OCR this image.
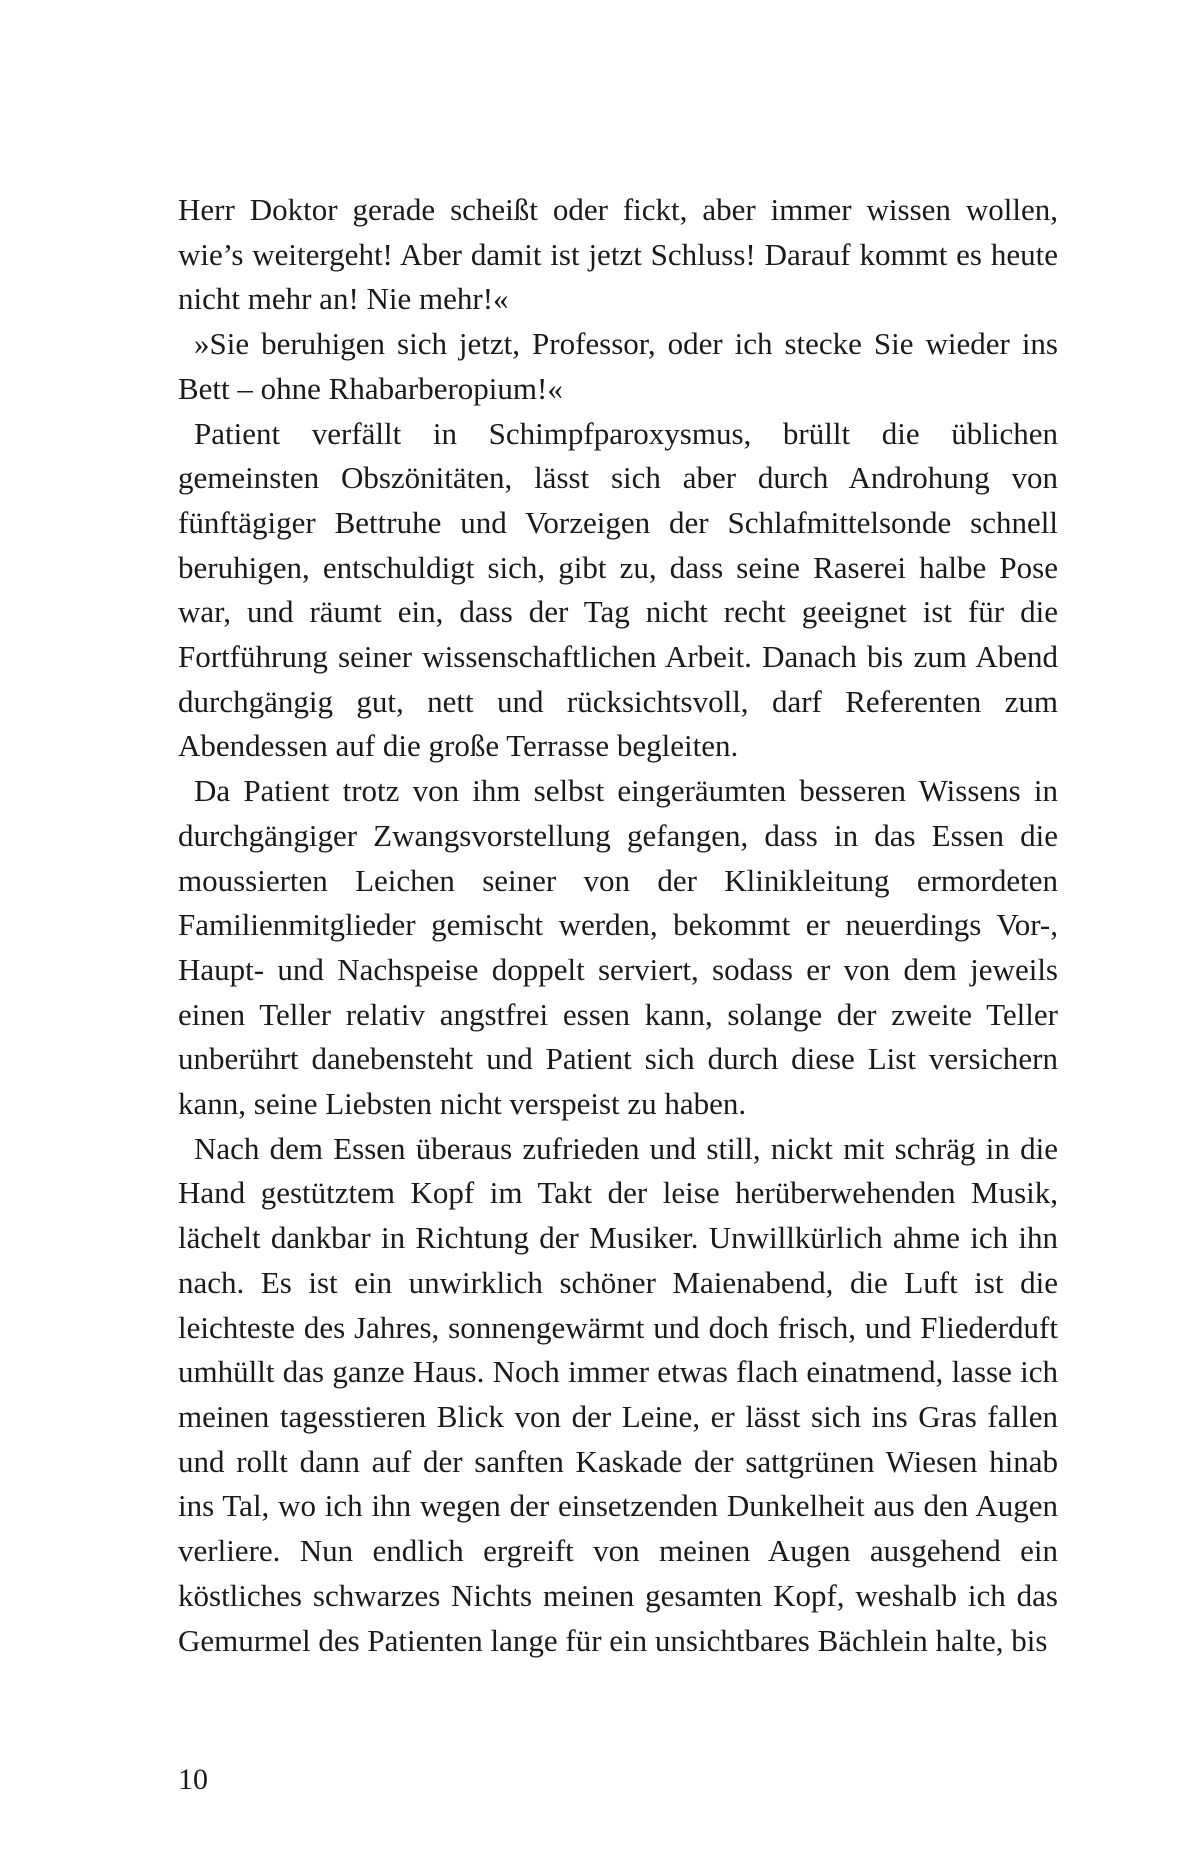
Herr Doktor gerade scheißt oder fickt, aber immer wissen wollen, wie’s weitergeht! Aber damit ist jetzt Schluss! Darauf kommt es heute nicht mehr an! Nie mehr!«

»Sie beruhigen sich jetzt, Professor, oder ich stecke Sie wieder ins Bett – ohne Rhabarberopium!«

Patient verfällt in Schimpfparoxysmus, brüllt die üblichen gemeinsten Obszönitäten, lässt sich aber durch Androhung von fünftägiger Bettruhe und Vorzeigen der Schlafmittelsonde schnell beruhigen, entschuldigt sich, gibt zu, dass seine Raserei halbe Pose war, und räumt ein, dass der Tag nicht recht geeignet ist für die Fortführung seiner wissenschaftlichen Arbeit. Danach bis zum Abend durchgängig gut, nett und rücksichtsvoll, darf Referenten zum Abendessen auf die große Terrasse begleiten.

Da Patient trotz von ihm selbst eingeräumten besseren Wissens in durchgängiger Zwangsvorstellung gefangen, dass in das Essen die moussierten Leichen seiner von der Klinikleitung ermordeten Familienmitglieder gemischt werden, bekommt er neuerdings Vor-, Haupt- und Nachspeise doppelt serviert, sodass er von dem jeweils einen Teller relativ angstfrei essen kann, solange der zweite Teller unberührt danebensteht und Patient sich durch diese List versichern kann, seine Liebsten nicht verspeist zu haben.

Nach dem Essen überaus zufrieden und still, nickt mit schräg in die Hand gestütztem Kopf im Takt der leise herüberwehenden Musik, lächelt dankbar in Richtung der Musiker. Unwillkürlich ahme ich ihn nach. Es ist ein unwirklich schöner Maienabend, die Luft ist die leichteste des Jahres, sonnengewärmt und doch frisch, und Fliederduft umhüllt das ganze Haus. Noch immer etwas flach einatmend, lasse ich meinen tagesstieren Blick von der Leine, er lässt sich ins Gras fallen und rollt dann auf der sanften Kaskade der sattgrünen Wiesen hinab ins Tal, wo ich ihn wegen der einsetzenden Dunkelheit aus den Augen verliere. Nun endlich ergreift von meinen Augen ausgehend ein köstliches schwarzes Nichts meinen gesamten Kopf, weshalb ich das Gemurmel des Patienten lange für ein unsichtbares Bächlein halte, bis

10
